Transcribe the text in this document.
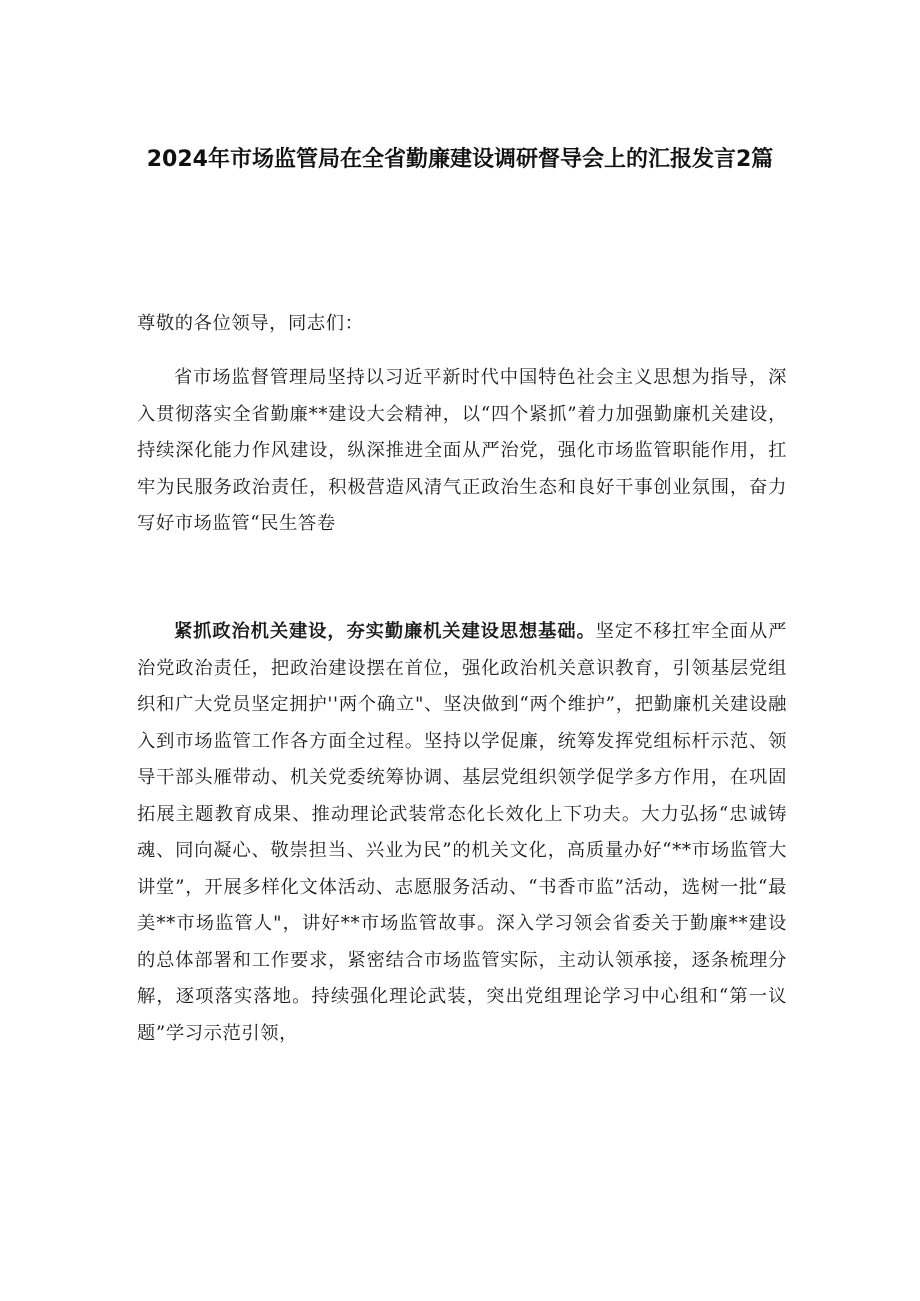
2024年市场监管局在全省勤廉建设调研督导会上的汇报发言2篇
尊敬的各位领导，同志们：
省市场监督管理局坚持以习近平新时代中国特色社会主义思想为指导，深入贯彻落实全省勤廉**建设大会精神，以“四个紧抓”着力加强勤廉机关建设，持续深化能力作风建设，纵深推进全面从严治党，强化市场监管职能作用，扛牢为民服务政治责任，积极营造风清气正政治生态和良好干事创业氛围，奋力写好市场监管“民生答卷
紧抓政治机关建设，夯实勤廉机关建设思想基础。坚定不移扛牢全面从严治党政治责任，把政治建设摆在首位，强化政治机关意识教育，引领基层党组织和广大党员坚定拥护''两个确立"、坚决做到“两个维护”，把勤廉机关建设融入到市场监管工作各方面全过程。坚持以学促廉，统筹发挥党组标杆示范、领导干部头雁带动、机关党委统筹协调、基层党组织领学促学多方作用，在巩固拓展主题教育成果、推动理论武装常态化长效化上下功夫。大力弘扬“忠诚铸魂、同向凝心、敬崇担当、兴业为民”的机关文化，高质量办好“**市场监管大讲堂”，开展多样化文体活动、志愿服务活动、“书香市监”活动，选树一批“最美**市场监管人"，讲好**市场监管故事。深入学习领会省委关于勤廉**建设的总体部署和工作要求，紧密结合市场监管实际，主动认领承接，逐条梳理分解，逐项落实落地。持续强化理论武装，突出党组理论学习中心组和“第一议题”学习示范引领，
